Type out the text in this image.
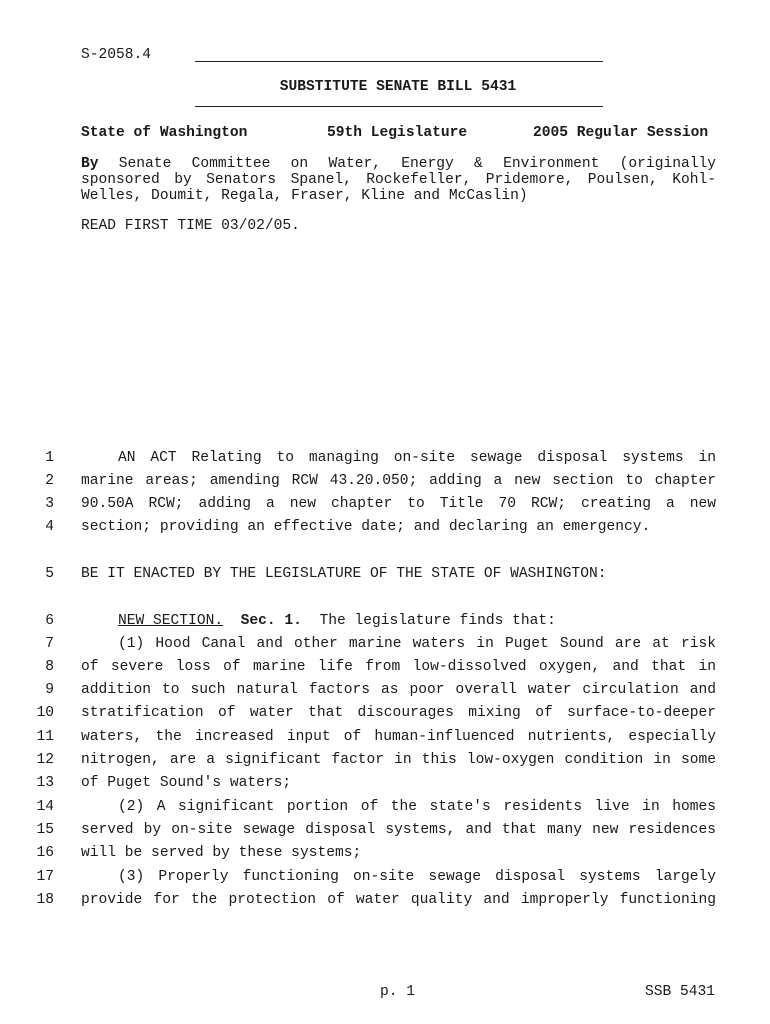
S-2058.4
SUBSTITUTE SENATE BILL 5431
State of Washington	59th Legislature	2005 Regular Session
By Senate Committee on Water, Energy & Environment (originally
sponsored by Senators Spanel, Rockefeller, Pridemore, Poulsen, Kohl-
Welles, Doumit, Regala, Fraser, Kline and McCaslin)
READ FIRST TIME 03/02/05.
1	AN ACT Relating to managing on-site sewage disposal systems in
2 marine areas; amending RCW 43.20.050; adding a new section to chapter
3 90.50A RCW; adding a new chapter to Title 70 RCW; creating a new
4 section; providing an effective date; and declaring an emergency.
5 BE IT ENACTED BY THE LEGISLATURE OF THE STATE OF WASHINGTON:
6	NEW SECTION. Sec. 1. The legislature finds that:
7	(1) Hood Canal and other marine waters in Puget Sound are at risk
8 of severe loss of marine life from low-dissolved oxygen, and that in
9 addition to such natural factors as poor overall water circulation and
10 stratification of water that discourages mixing of surface-to-deeper
11 waters, the increased input of human-influenced nutrients, especially
12 nitrogen, are a significant factor in this low-oxygen condition in some
13 of Puget Sound's waters;
14	(2) A significant portion of the state's residents live in homes
15 served by on-site sewage disposal systems, and that many new residences
16 will be served by these systems;
17	(3) Properly functioning on-site sewage disposal systems largely
18 provide for the protection of water quality and improperly functioning
p. 1	SSB 5431
